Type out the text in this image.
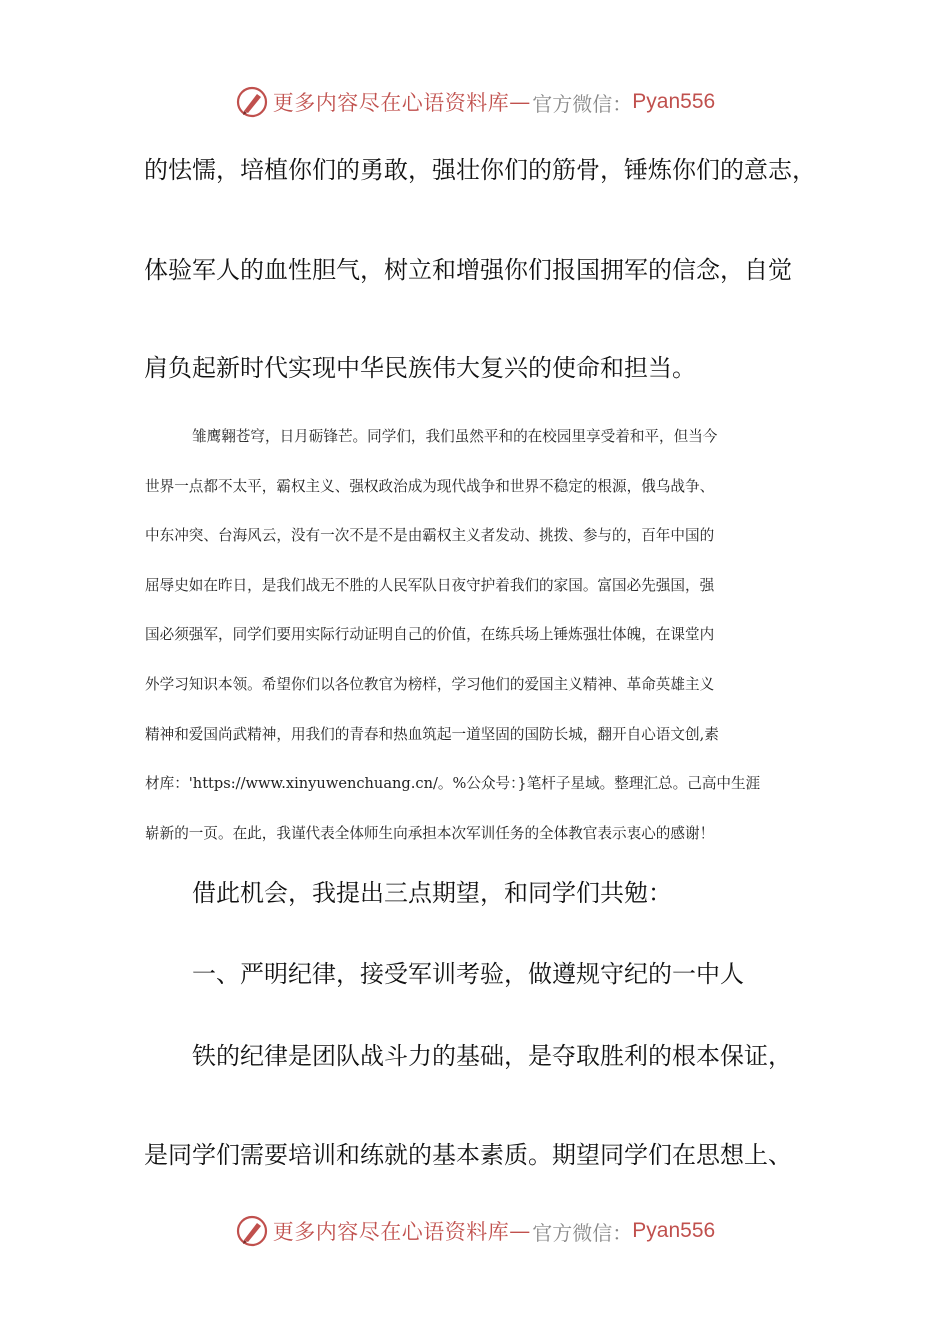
更多内容尽在心语资料库 — 官方微信： Pyan556
的怯懦，培植你们的勇敢，强壮你们的筋骨，锤炼你们的意志，
体验军人的血性胆气，树立和增强你们报国拥军的信念，自觉
肩负起新时代实现中华民族伟大复兴的使命和担当。
雏鹰翱苍穹，日月砺锋芒。同学们，我们虽然平和的在校园里享受着和平，但当今
世界一点都不太平，霸权主义、强权政治成为现代战争和世界不稳定的根源，俄乌战争、
中东冲突、台海风云，没有一次不是不是由霸权主义者发动、挑拨、参与的，百年中国的
屈辱史如在昨日，是我们战无不胜的人民军队日夜守护着我们的家国。富国必先强国，强
国必须强军，同学们要用实际行动证明自己的价值，在练兵场上锤炼强壮体魄，在课堂内
外学习知识本领。希望你们以各位教官为榜样，学习他们的爱国主义精神、革命英雄主义
精神和爱国尚武精神，用我们的青春和热血筑起一道坚固的国防长城，翻开自心语文创,素
材库：'https://www.xinyuwenchuang.cn/。%公众号：}笔杆子星域。整理汇总。己高中生涯
崭新的一页。在此，我谨代表全体师生向承担本次军训任务的全体教官表示衷心的感谢！
借此机会，我提出三点期望，和同学们共勉：
一、严明纪律，接受军训考验，做遵规守纪的一中人
铁的纪律是团队战斗力的基础，是夺取胜利的根本保证，
是同学们需要培训和练就的基本素质。期望同学们在思想上、
更多内容尽在心语资料库 — 官方微信： Pyan556
